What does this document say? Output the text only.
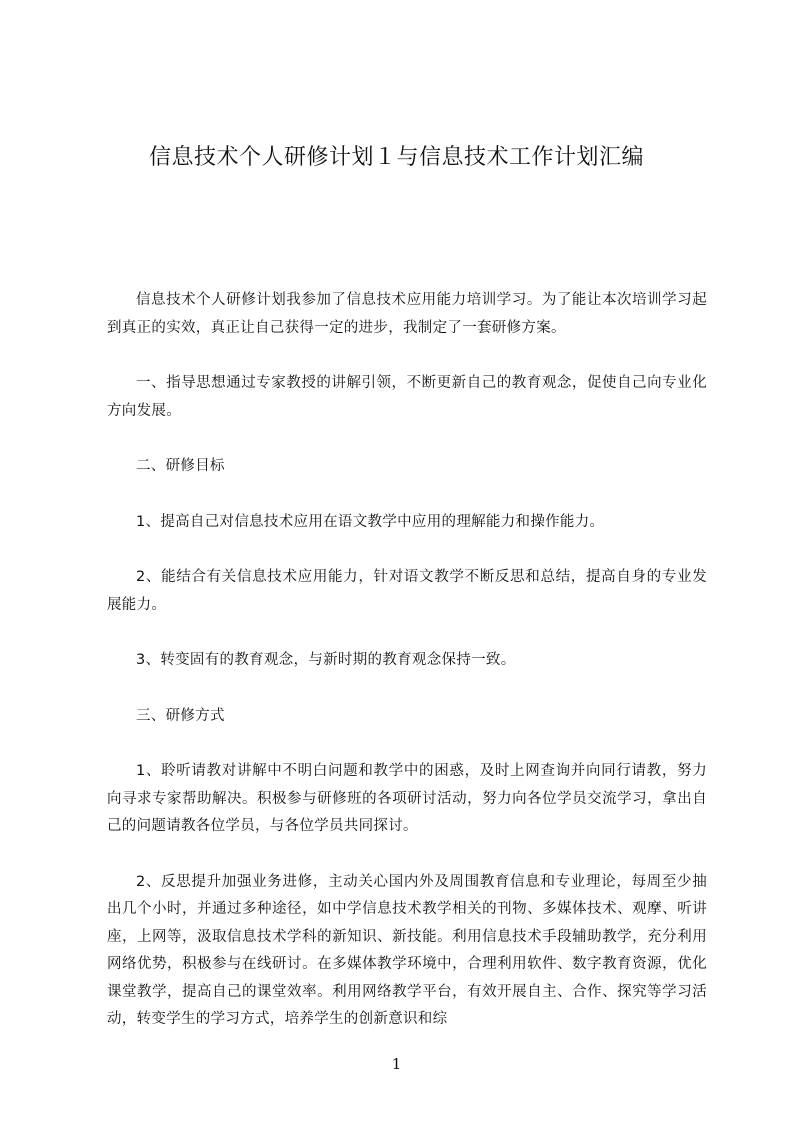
信息技术个人研修计划１与信息技术工作计划汇编

信息技术个人研修计划我参加了信息技术应用能力培训学习。为了能让本次培训学习起到真正的实效，真正让自己获得一定的进步，我制定了一套研修方案。

一、指导思想通过专家教授的讲解引领，不断更新自己的教育观念，促使自己向专业化方向发展。

二、研修目标

1、提高自己对信息技术应用在语文教学中应用的理解能力和操作能力。

2、能结合有关信息技术应用能力，针对语文教学不断反思和总结，提高自身的专业发展能力。

3、转变固有的教育观念，与新时期的教育观念保持一致。

三、研修方式

1、聆听请教对讲解中不明白问题和教学中的困惑，及时上网查询并向同行请教，努力向寻求专家帮助解决。积极参与研修班的各项研讨活动，努力向各位学员交流学习，拿出自己的问题请教各位学员，与各位学员共同探讨。

2、反思提升加强业务进修，主动关心国内外及周围教育信息和专业理论，每周至少抽出几个小时，并通过多种途径，如中学信息技术教学相关的刊物、多媒体技术、观摩、听讲座，上网等，汲取信息技术学科的新知识、新技能。利用信息技术手段辅助教学，充分利用网络优势，积极参与在线研讨。在多媒体教学环境中，合理利用软件、数字教育资源，优化课堂教学，提高自己的课堂效率。利用网络教学平台，有效开展自主、合作、探究等学习活动，转变学生的学习方式，培养学生的创新意识和综

1
